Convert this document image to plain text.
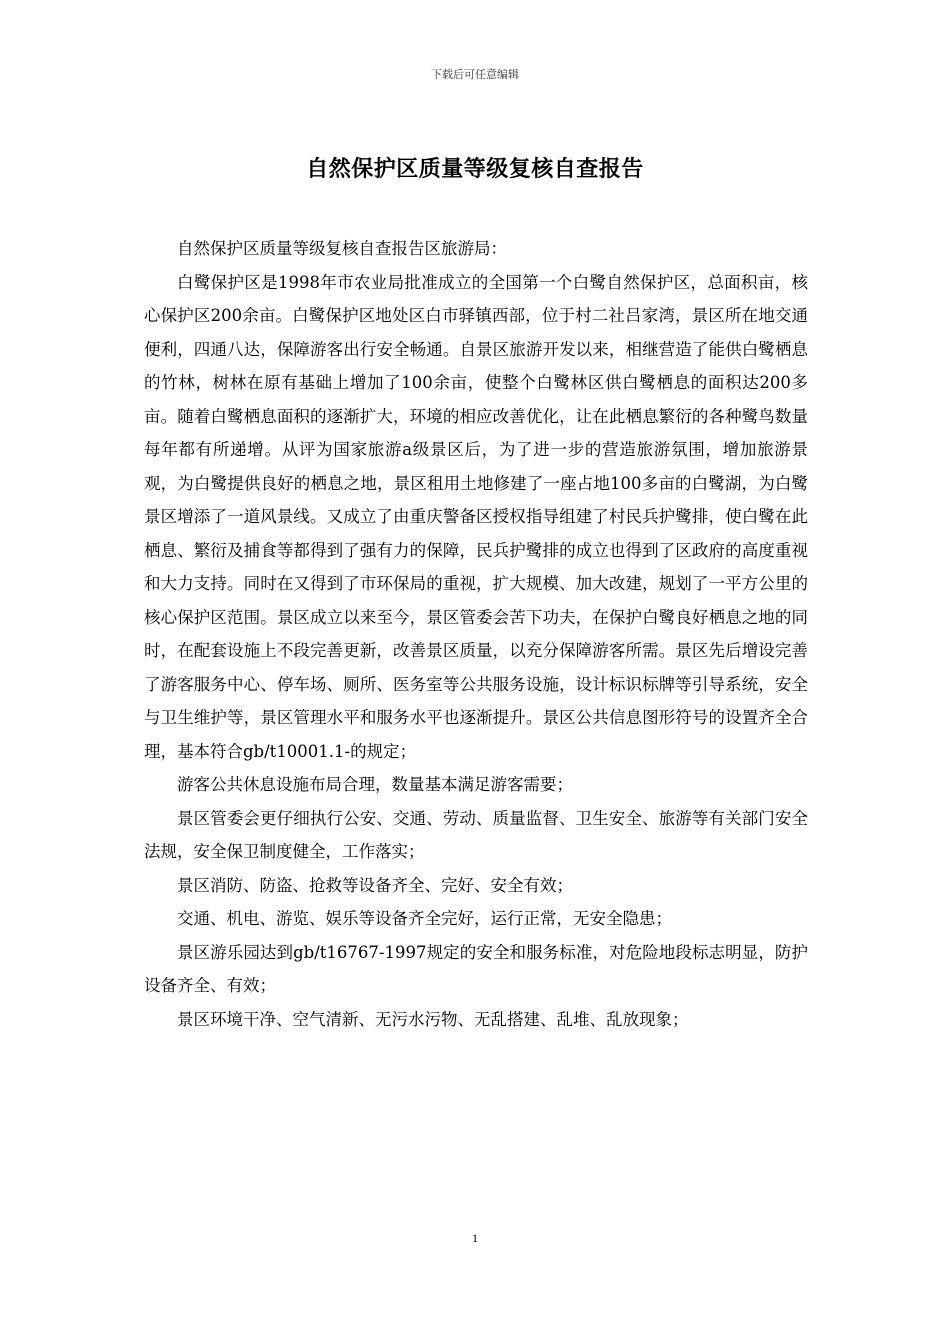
下载后可任意编辑
自然保护区质量等级复核自查报告

自然保护区质量等级复核自查报告区旅游局：

白鹭保护区是1998年市农业局批准成立的全国第一个白鹭自然保护区，总面积亩，核心保护区200余亩。白鹭保护区地处区白市驿镇西部，位于村二社吕家湾，景区所在地交通便利，四通八达，保障游客出行安全畅通。自景区旅游开发以来，相继营造了能供白鹭栖息的竹林，树林在原有基础上增加了100余亩，使整个白鹭林区供白鹭栖息的面积达200多亩。随着白鹭栖息面积的逐渐扩大，环境的相应改善优化，让在此栖息繁衍的各种鹭鸟数量每年都有所递增。从评为国家旅游a级景区后，为了进一步的营造旅游氛围，增加旅游景观，为白鹭提供良好的栖息之地，景区租用土地修建了一座占地100多亩的白鹭湖，为白鹭景区增添了一道风景线。又成立了由重庆警备区授权指导组建了村民兵护鹭排，使白鹭在此栖息、繁衍及捕食等都得到了强有力的保障，民兵护鹭排的成立也得到了区政府的高度重视和大力支持。同时在又得到了市环保局的重视，扩大规模、加大改建，规划了一平方公里的核心保护区范围。景区成立以来至今，景区管委会苦下功夫，在保护白鹭良好栖息之地的同时，在配套设施上不段完善更新，改善景区质量，以充分保障游客所需。景区先后增设完善了游客服务中心、停车场、厕所、医务室等公共服务设施，设计标识标牌等引导系统，安全与卫生维护等，景区管理水平和服务水平也逐渐提升。景区公共信息图形符号的设置齐全合理，基本符合gb/t10001.1-的规定；

游客公共休息设施布局合理，数量基本满足游客需要；

景区管委会更仔细执行公安、交通、劳动、质量监督、卫生安全、旅游等有关部门安全法规，安全保卫制度健全，工作落实；

景区消防、防盗、抢救等设备齐全、完好、安全有效；

交通、机电、游览、娱乐等设备齐全完好，运行正常，无安全隐患；

景区游乐园达到gb/t16767-1997规定的安全和服务标准，对危险地段标志明显，防护设备齐全、有效；

景区环境干净、空气清新、无污水污物、无乱搭建、乱堆、乱放现象；

1
